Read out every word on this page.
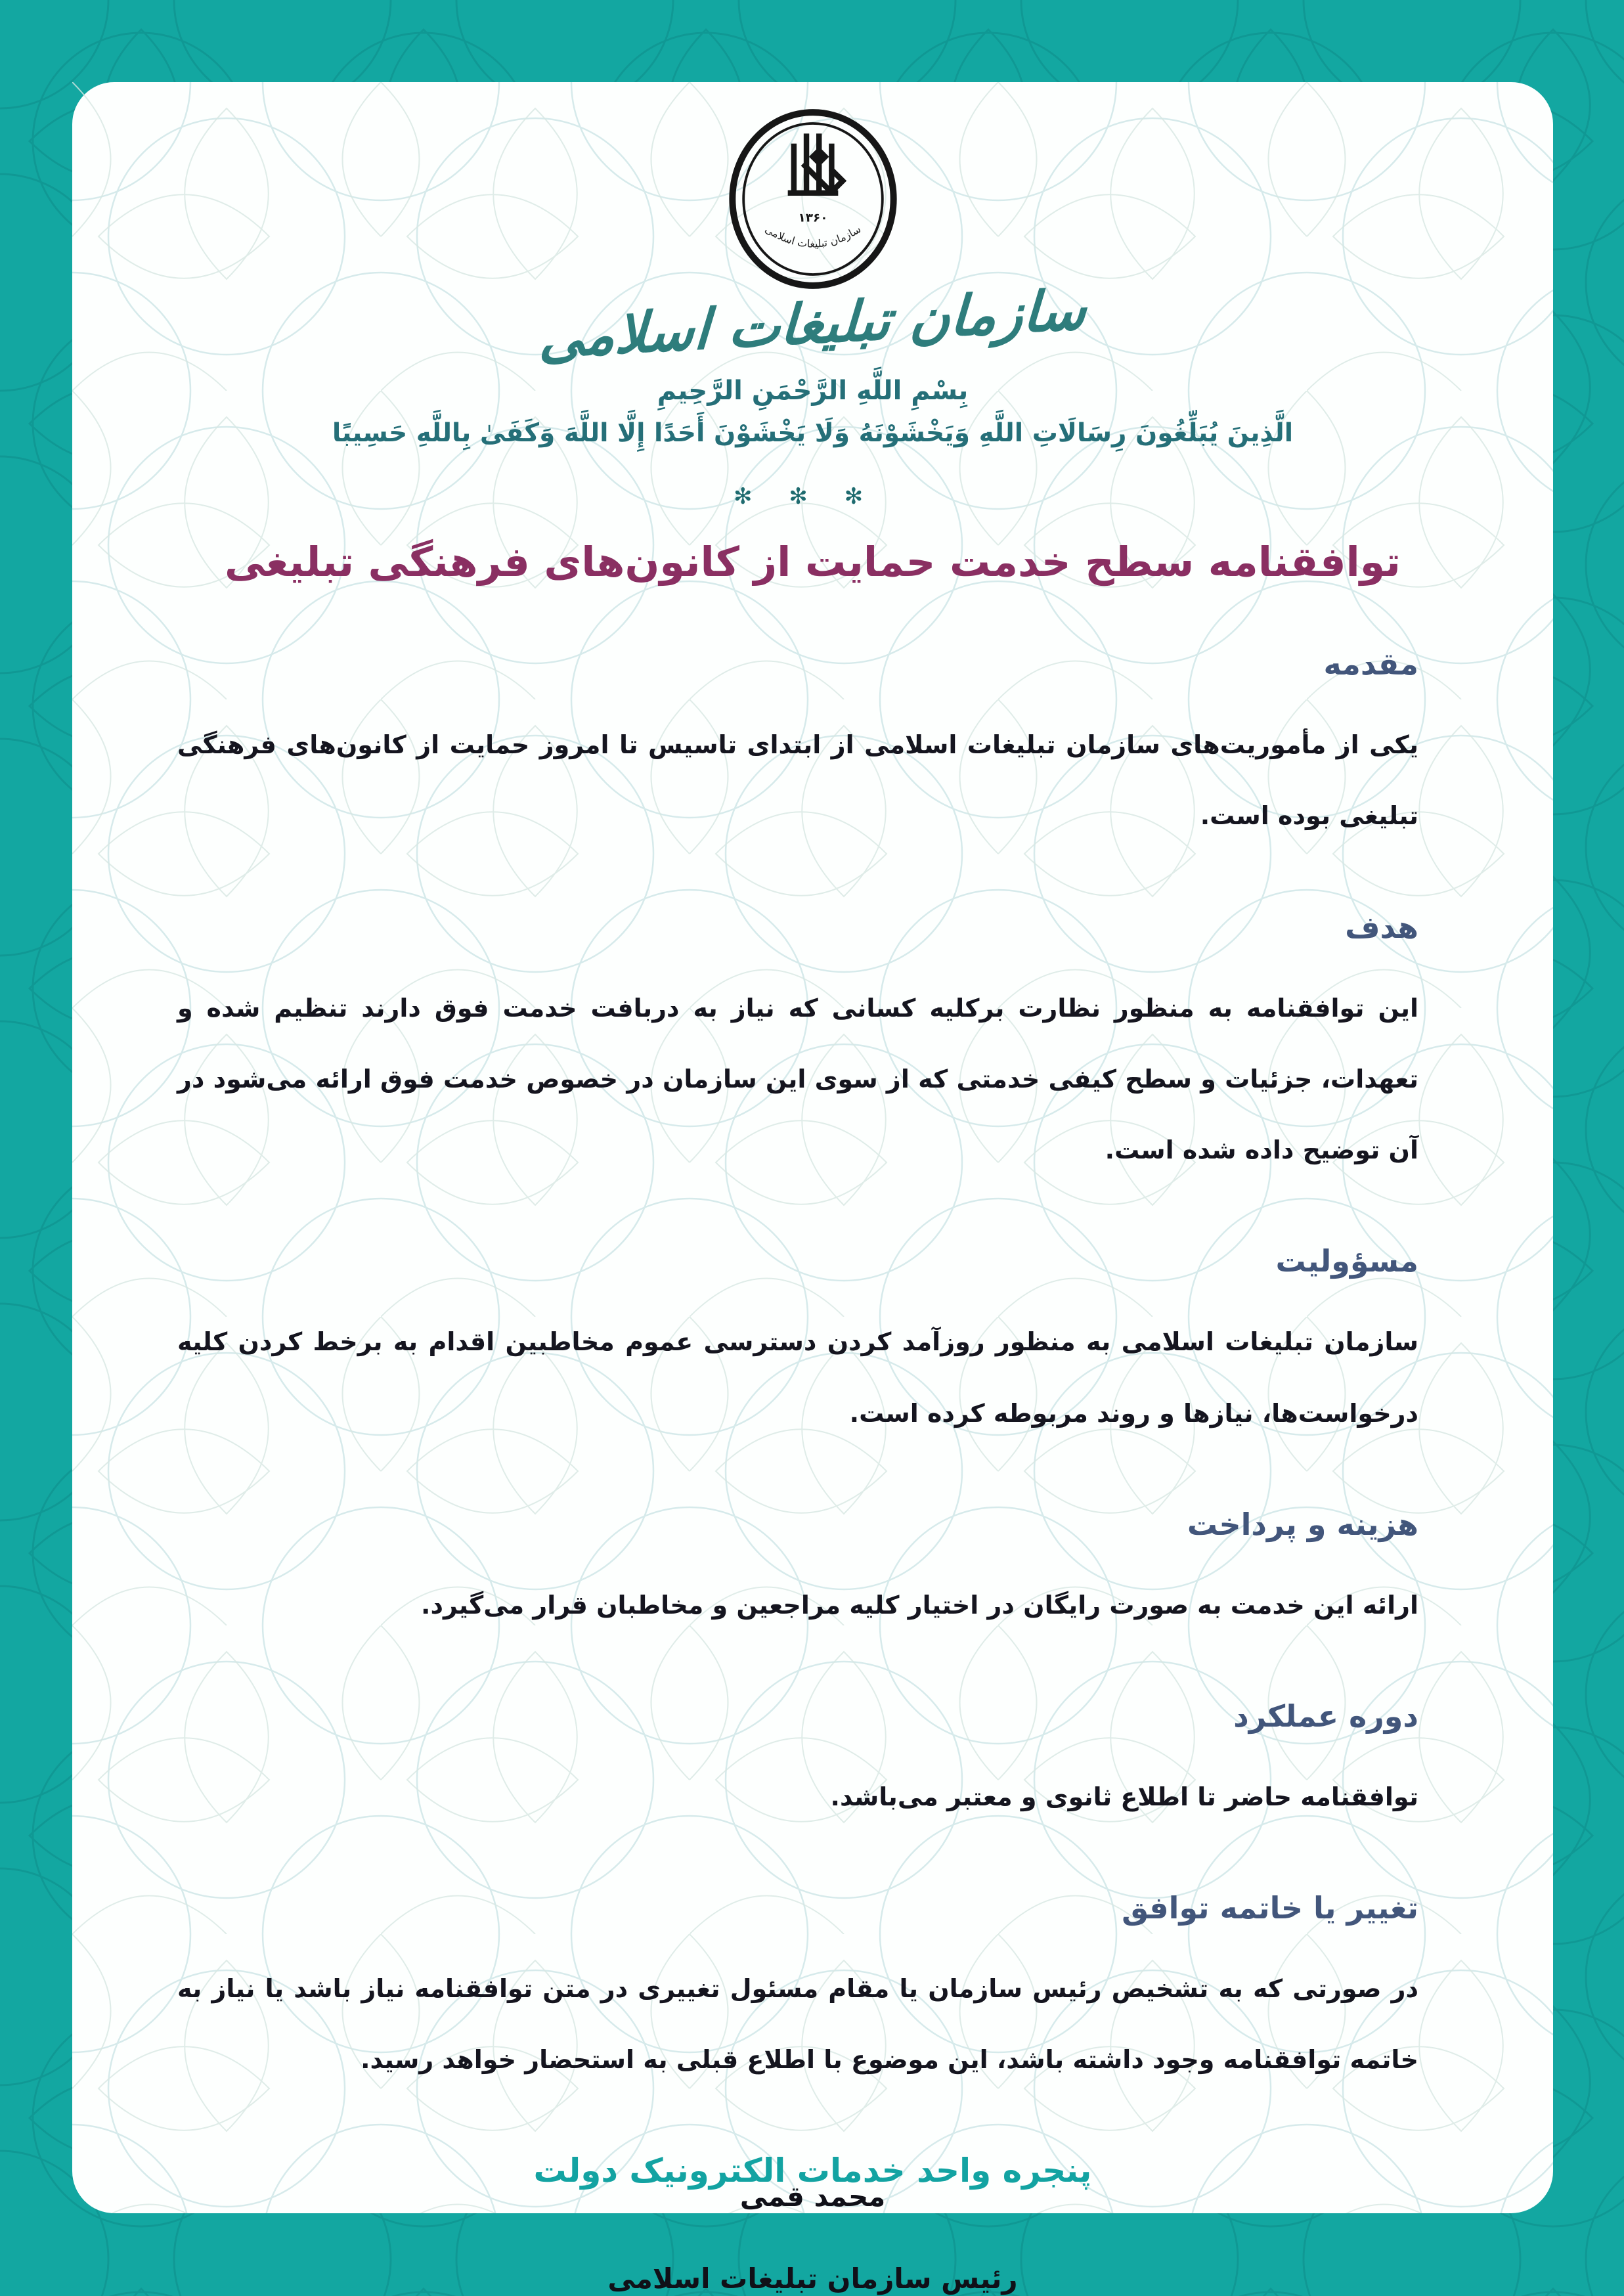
۱۳۶۰
سازمان تبلیغات اسلامی
سازمان تبلیغات اسلامی
بِسْمِ اللَّهِ الرَّحْمَنِ الرَّحِيمِ
الَّذِينَ يُبَلِّغُونَ رِسَالَاتِ اللَّهِ وَيَخْشَوْنَهُ وَلَا يَخْشَوْنَ أَحَدًا إِلَّا اللَّهَ وَكَفَىٰ بِاللَّهِ حَسِيبًا
✻ ✻ ✻
توافقنامه سطح خدمت حمایت از کانون‌های فرهنگی تبلیغی
مقدمه

یکی از مأموریت‌های سازمان تبلیغات اسلامی از ابتدای تاسیس تا امروز حمایت از کانون‌های فرهنگی تبلیغی بوده است.

هدف

این توافقنامه به منظور نظارت برکلیه کسانی که نیاز به دربافت خدمت فوق دارند تنظیم شده و تعهدات، جزئیات و سطح کیفی خدمتی که از سوی این سازمان در خصوص خدمت فوق ارائه می‌شود در آن توضیح داده شده است.

مسؤولیت

سازمان تبلیغات اسلامی به منظور روزآمد کردن دسترسی عموم مخاطبین اقدام به برخط کردن کلیه درخواست‌ها، نیازها و روند مربوطه کرده است.

هزینه و پرداخت

ارائه این خدمت به صورت رایگان در اختیار کلیه مراجعین و مخاطبان قرار می‌گیرد.

دوره عملکرد

توافقنامه حاضر تا اطلاع ثانوی و معتبر می‌باشد.

تغییر یا خاتمه توافق

در صورتی که به تشخیص رئیس سازمان یا مقام مسئول تغییری در متن توافقنامه نیاز باشد یا نیاز به خاتمه توافقنامه وجود داشته باشد، این موضوع با اطلاع قبلی به استحضار خواهد رسید.

محمد قمی
رئیس سازمان تبلیغات اسلامی
پنجره واحد خدمات الکترونیک دولت
